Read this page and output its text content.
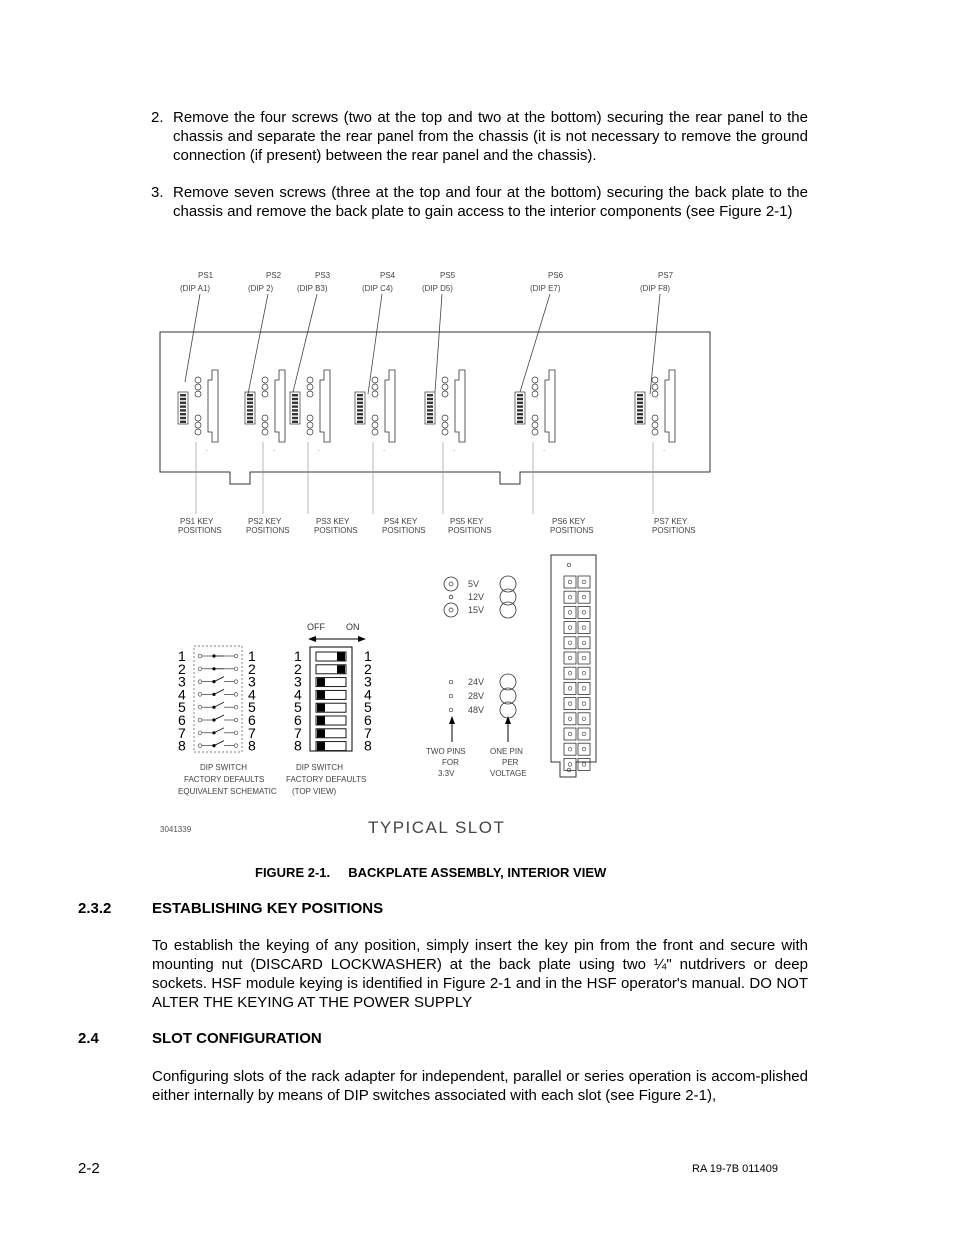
2. Remove the four screws (two at the top and two at the bottom) securing the rear panel to the chassis and separate the rear panel from the chassis (it is not necessary to remove the ground connection (if present) between the rear panel and the chassis).
3. Remove seven screws (three at the top and four at the bottom) securing the back plate to the chassis and remove the back plate to gain access to the interior components (see Figure 2-1)
PS1
(DIP A1)
PS2
(DIP 2)
PS3
(DIP B3)
PS4
(DIP C4)
PS5
(DIP D5)
PS6
(DIP E7)
PS7
(DIP F8)
~	~	~	~	~	~	~
PS1 KEY
POSITIONS
PS2 KEY
POSITIONS
PS3 KEY
POSITIONS
PS4 KEY
POSITIONS
PS5 KEY
POSITIONS
PS6 KEY
POSITIONS
PS7 KEY
POSITIONS
1	1
2	2
3	3
4	4
5	5
6	6
7	7
8	8
1	1
2	2
3	3
4	4
5	5
6	6
7	7
8	8
OFF ON
DIP SWITCH
FACTORY DEFAULTS
EQUIVALENT SCHEMATIC
DIP SWITCH
FACTORY DEFAULTS
(TOP VIEW)
5V
12V
15V
24V
28V
48V
TWO PINS
FOR
3.3V
ONE PIN
PER
VOLTAGE
3041339	TYPICAL SLOT
FIGURE 2-1. BACKPLATE ASSEMBLY, INTERIOR VIEW
2.3.2	ESTABLISHING KEY POSITIONS
To establish the keying of any position, simply insert the key pin from the front and secure with mounting nut (DISCARD LOCKWASHER) at the back plate using two ¼" nutdrivers or deep sockets. HSF module keying is identified in Figure 2-1 and in the HSF operator's manual. DO NOT ALTER THE KEYING AT THE POWER SUPPLY
2.4	SLOT CONFIGURATION
Configuring slots of the rack adapter for independent, parallel or series operation is accom-plished either internally by means of DIP switches associated with each slot (see Figure 2-1),
2-2	RA 19-7B 011409
